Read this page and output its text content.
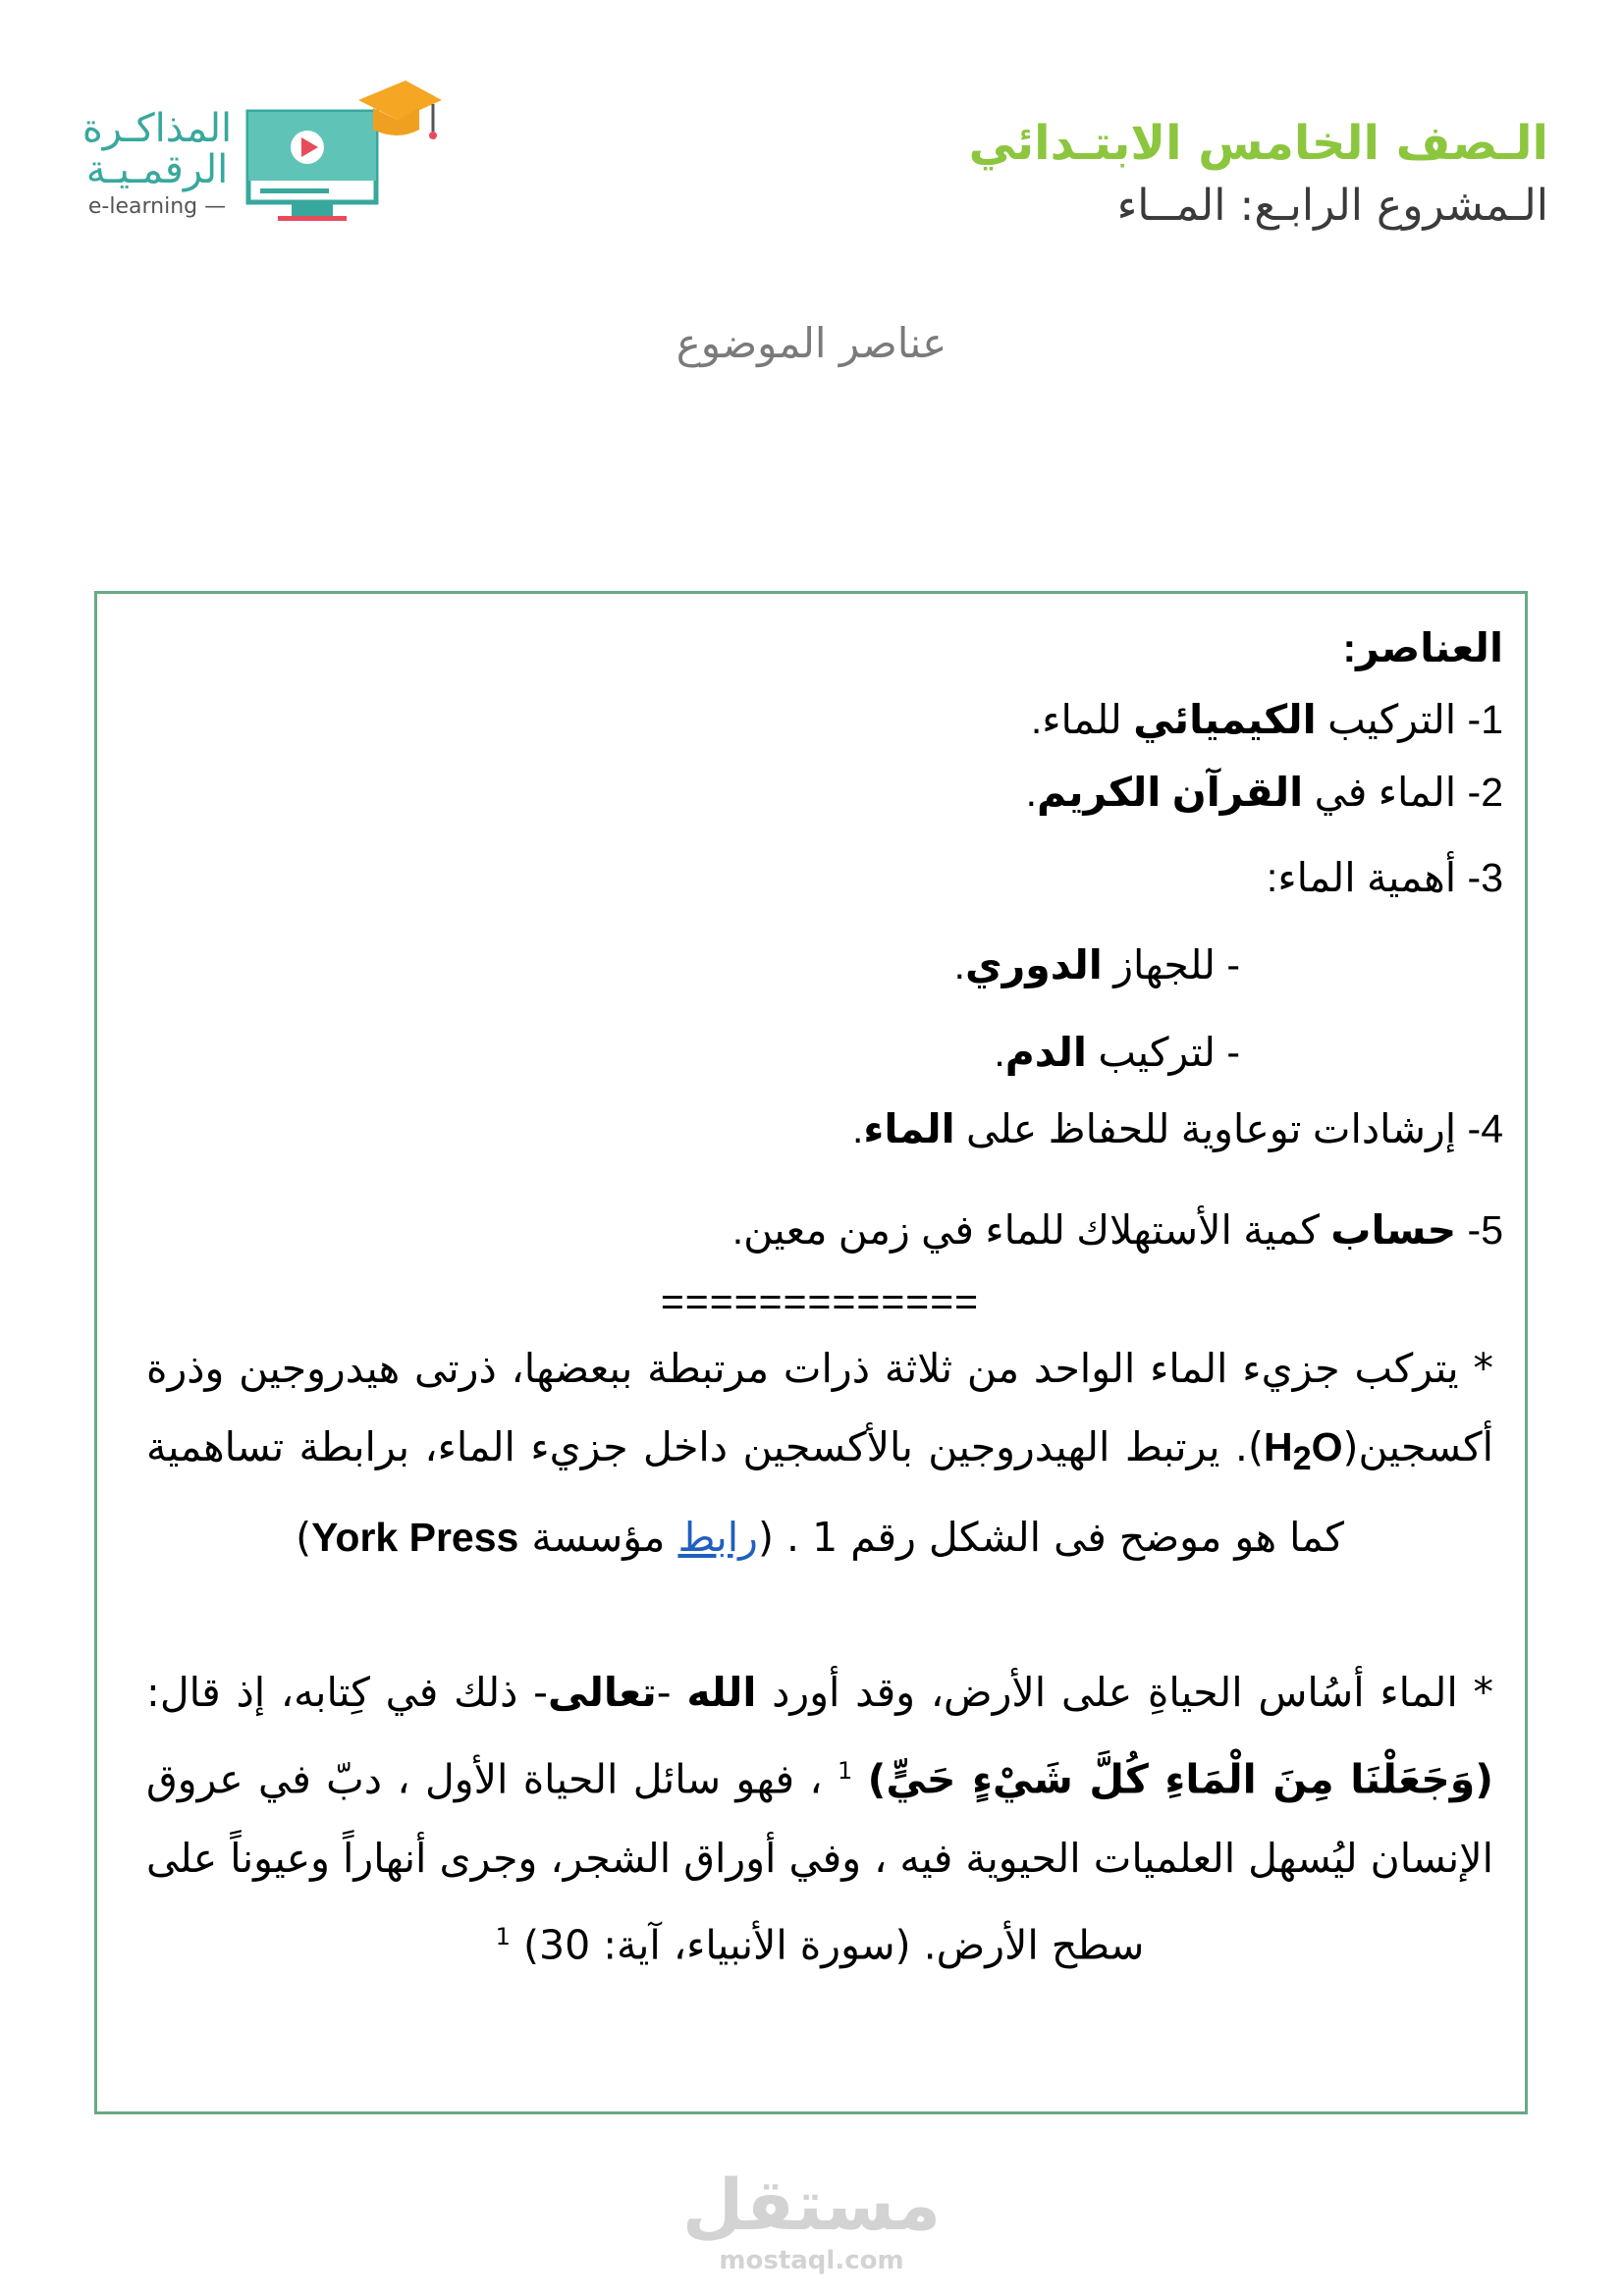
الـصف الخامس الابتـدائي
الـمشروع الرابـع: المــاء
المذاكـرة
الرقمـيـة
e-learning —
عناصر الموضوع
العناصر:
1- التركيب الكيميائي للماء.
2- الماء في القرآن الكريم.
3- أهمية الماء:
- للجهاز الدوري.
- لتركيب الدم.
4- إرشادات توعاوية للحفاظ على الماء.
5- حساب كمية الأستهلاك للماء في زمن معين.
=============

* يتركب جزيء الماء الواحد من ثلاثة ذرات مرتبطة ببعضها، ذرتى هيدروجين وذرة $أكسجين(H_2O)$. يرتبط الهيدروجين بالأكسجين داخل جزيء الماء، برابطة تساهمية كما هو موضح فى الشكل رقم 1 . (رابط مؤسسة York Press)

* الماء أسُاس الحياةِ على الأرض، وقد أورد الله -تعالى- ذلك في كِتابه، إذ قال: (وَجَعَلْنَا مِنَ الْمَاءِ كُلَّ شَيْءٍ حَيٍّ) $^1$ ، فهو سائل الحياة الأول ، دبّ في عروق الإنسان ليُسهل العلميات الحيوية فيه ، وفي أوراق الشجر، وجرى أنهاراً وعيوناً على سطح الأرض. (سورة الأنبياء، آية: 30) $^1$

مستقل
mostaql.com
